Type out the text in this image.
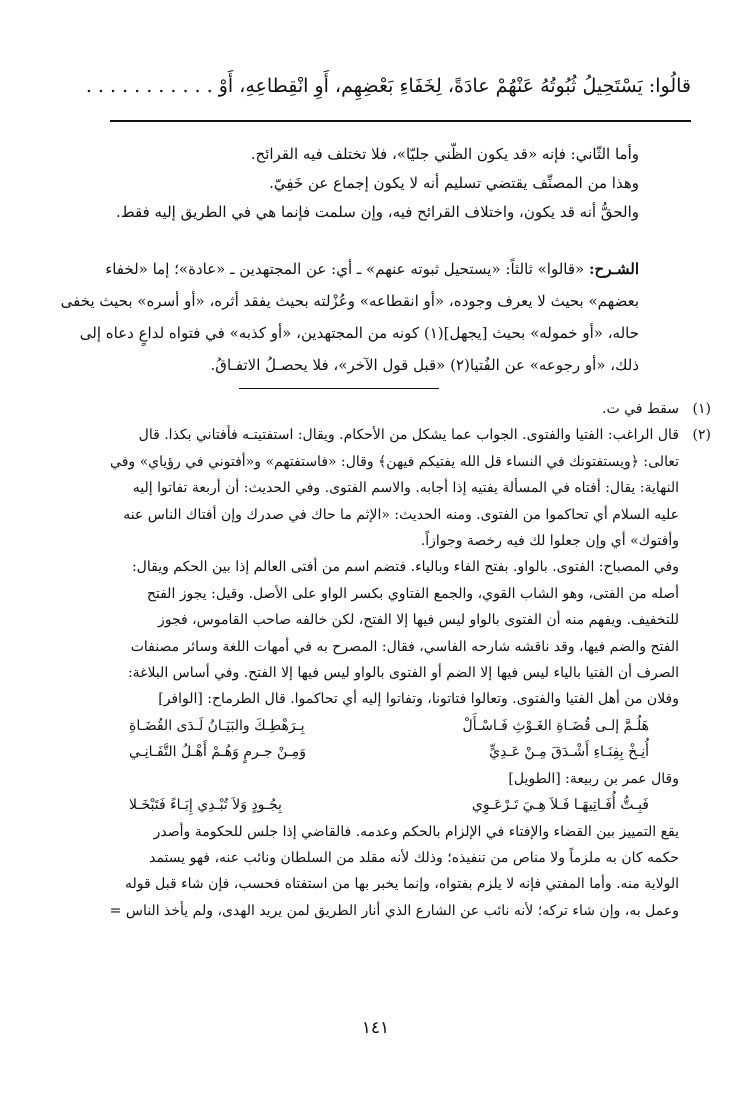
قالُوا: يَسْتَحِيلُ ثُبُوتُهُ عَنْهُمْ عادَةً، لِخَفَاءِ بَعْضِهِم، أَوِ انْقِطاعِهِ، أَوْ . . . . . . . . . . .
وأما الثّاني: فإنه «قد يكون الظّني جليّا»، فلا تختلف فيه القرائح.
وهذا من المصنِّف يقتضي تسليم أنه لا يكون إجماع عن خَفِيّ.
والحقُّ أنه قد يكون، واختلاف القرائح فيه، وإن سلمت فإنما هي في الطريق إليه فقط.
الشـرح: «قالوا» ثالثاً: «يستحيل ثبوته عنهم» ـ أي: عن المجتهدين ـ «عادة»؛ إما «لخفاء
بعضهم» بحيث لا يعرف وجوده، «أو انقطاعه» وعُزْلته بحيث يفقد أثره، «أو أسره» بحيث يخفى
حاله، «أو خموله» بحيث [يجهل](١) كونه من المجتهدين، «أو كذبه» في فتواه لداعٍ دعاه إلى
ذلك، «أو رجوعه» عن الفُتيا(٢) «قبل قول الآخر»، فلا يحصـلُ الاتفـاقُ.
(١)
سقط في ت.
(٢)
قال الراغب: الفتيا والفتوى. الجواب عما يشكل من الأحكام. ويقال: استفتيتـه فأفتاني بكذا. قال
تعالى: ﴿ويستفتونك في النساء قل الله يفتيكم فيهن﴾ وقال: «فاستفتهم» و«أفتوني في رؤياي» وفي
النهاية: يقال: أفتاه في المسألة يفتيه إذا أجابه. والاسم الفتوى. وفي الحديث: أن أربعة تفاتوا إليه
عليه السلام أي تحاكموا من الفتوى. ومنه الحديث: «الإثم ما حاك في صدرك وإن أفتاك الناس عنه
وأفتوك» أي وإن جعلوا لك فيه رخصة وجوازاً.
وفي المصباح: الفتوى. بالواو. بفتح الفاء وبالياء. فتضم اسم من أفتى العالم إذا بين الحكم ويقال:
أصله من الفتى، وهو الشاب القوي، والجمع الفتاوي بكسر الواو على الأصل. وقيل: يجوز الفتح
للتخفيف. ويفهم منه أن الفتوى بالواو ليس فيها إلا الفتح، لكن خالفه صاحب القاموس، فجوز
الفتح والضم فيها، وقد ناقشه شارحه الفاسي، فقال: المصرح به في أمهات اللغة وسائر مصنفات
الصرف أن الفتيا بالياء ليس فيها إلا الضم أو الفتوى بالواو ليس فيها إلا الفتح. وفي أساس البلاغة:
وفلان من أهل الفتيا والفتوى. وتعالوا فتاتونا، وتفاتوا إليه أي تحاكموا. قال الطرماح: [الوافر]
هَلُـمَّ إلـى قُضَـاةِ الغَـوْثِ فَـاسْـأَلْ
بِـرَهْطِـكَ والبَيَـانُ لَـدَى القُضَـاةِ
أُنِـخْ بِفِنَـاءِ أَشْـدَقَ مِـنْ عَـدِيٍّ
وَمِـنْ جـرمٍ وَهُـمْ أَهْـلُ التَّفَـانِـي
وقال عمر بن ربيعة: [الطويل]
فَبِـتُّ أُفَـاتِيهَـا فَـلاَ هِـيَ تَـرْعَـوِي
بِجُـودٍ وَلاَ تُبْـدِي إِبَـاءً فَتَبْخَـلا
يقع التمييز بين القضاء والإفتاء في الإلزام بالحكم وعدمه. فالقاضي إذا جلس للحكومة وأصدر
حكمه كان به ملزماً ولا مناص من تنفيذه؛ وذلك لأنه مقلد من السلطان ونائب عنه، فهو يستمد
الولاية منه. وأما المفتي فإنه لا يلزم بفتواه، وإنما يخبر بها من استفتاه فحسب، فإن شاء قبل قوله
وعمل به، وإن شاء تركه؛ لأنه نائب عن الشارع الذي أنار الطريق لمن يريد الهدى، ولم يأخذ الناس =
١٤١
